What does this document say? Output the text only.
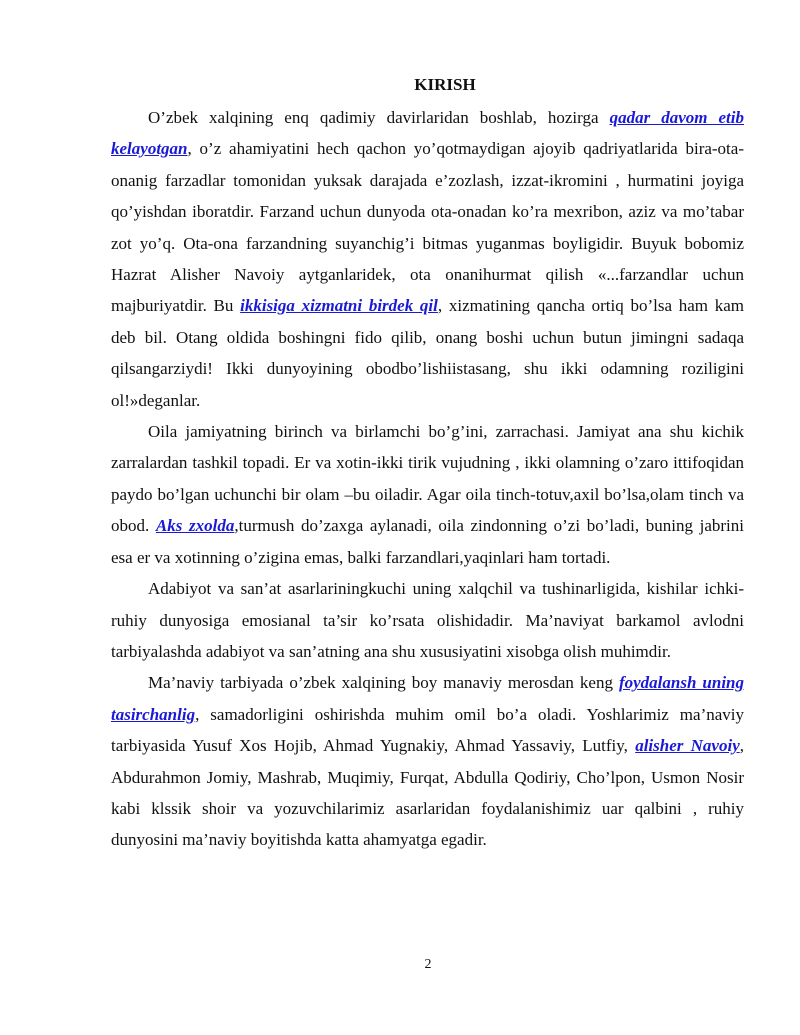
KIRISH

O’zbek xalqining enq qadimiy davirlaridan boshlab, hozirga qadar davom etib kelayotgan, o’z ahamiyatini hech qachon yo’qotmaydigan ajoyib qadriyatlarida bira-ota-onanig farzadlar tomonidan yuksak darajada e’zozlash, izzat-ikromini , hurmatini joyiga qo’yishdan iboratdir. Farzand uchun dunyoda ota-onadan ko’ra mexribon, aziz va mo’tabar zot yo’q. Ota-ona farzandning suyanchig’i bitmas yuganmas boyligidir. Buyuk bobomiz Hazrat Alisher Navoiy aytganlaridek, ota onanihurmat qilish «...farzandlar uchun majburiyatdir. Bu ikkisiga xizmatni birdek qil, xizmatining qancha ortiq bo’lsa ham kam deb bil. Otang oldida boshingni fido qilib, onang boshi uchun butun jimingni sadaqa qilsangarziydi! Ikki dunyoyining obodbo’lishiistasang, shu ikki odamning roziligini ol!»deganlar.

Oila jamiyatning birinch va birlamchi bo’g’ini, zarrachasi. Jamiyat ana shu kichik zarralardan tashkil topadi. Er va xotin-ikki tirik vujudning , ikki olamning o’zaro ittifoqidan paydo bo’lgan uchunchi bir olam –bu oiladir. Agar oila tinch-totuv,axil bo’lsa,olam tinch va obod. Aks zxolda,turmush do’zaxga aylanadi, oila zindonning o’zi bo’ladi, buning jabrini esa er va xotinning o’zigina emas, balki farzandlari,yaqinlari ham tortadi.

Adabiyot va san’at asarlariningkuchi uning xalqchil va tushinarligida, kishilar ichki-ruhiy dunyosiga emosianal ta’sir ko’rsata olishidadir. Ma’naviyat barkamol avlodni tarbiyalashda adabiyot va san’atning ana shu xususiyatini xisobga olish muhimdir.

Ma’naviy tarbiyada o’zbek xalqining boy manaviy merosdan keng foydalansh uning tasirchanlig, samadorligini oshirishda muhim omil bo’a oladi. Yoshlarimiz ma’naviy tarbiyasida Yusuf Xos Hojib, Ahmad Yugnakiy, Ahmad Yassaviy, Lutfiy, alisher Navoiy, Abdurahmon Jomiy, Mashrab, Muqimiy, Furqat, Abdulla Qodiriy, Cho’lpon, Usmon Nosir kabi klssik shoir va yozuvchilarimiz asarlaridan foydalanishimiz uar qalbini , ruhiy dunyosini ma’naviy boyitishda katta ahamyatga egadir.

2
